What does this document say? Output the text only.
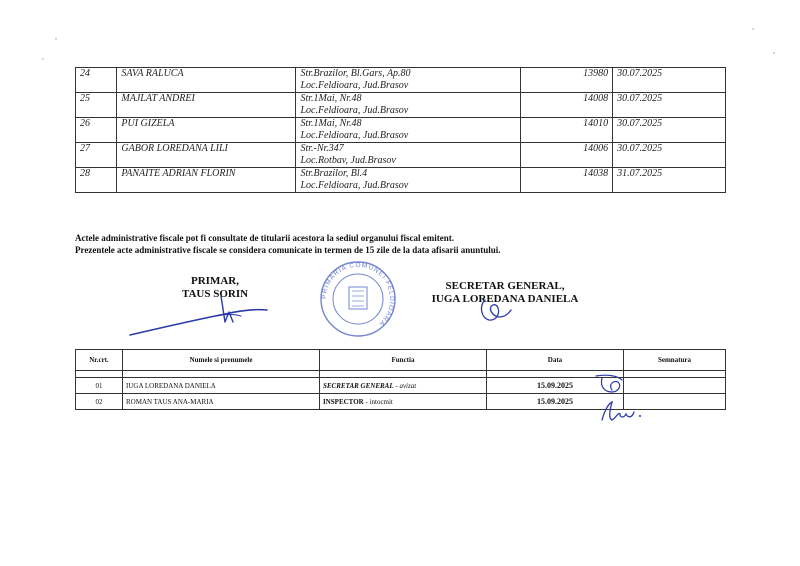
24	SAVA RALUCA	Str.Brazilor, Bl.Gars, Ap.80
Loc.Feldioara, Jud.Brasov	13980	30.07.2025
25	MAJLAT ANDREI	Str.1Mai, Nr.48
Loc.Feldioara, Jud.Brasov	14008	30.07.2025
26	PUI GIZELA	Str.1Mai, Nr.48
Loc.Feldioara, Jud.Brasov	14010	30.07.2025
27	GABOR LOREDANA LILI	Str.-Nr.347
Loc.Rotbav, Jud.Brasov	14006	30.07.2025
28	PANAITE ADRIAN FLORIN	Str.Brazilor, Bl.4
Loc.Feldioara, Jud.Brasov	14038	31.07.2025
Actele administrative fiscale pot fi consultate de titularii acestora la sediul organului fiscal emitent.
Prezentele acte administrative fiscale se considera comunicate in termen de 15 zile de la data afisarii anuntului.
PRIMAR,
TAUS SORIN	PRIMARIA COMUNEI FELDIOARA
SECRETAR GENERAL,
IUGA LOREDANA DANIELA
Nr.crt.	Numele si prenumele	Functia	Data	Semnatura

01	IUGA LOREDANA DANIELA	SECRETAR GENERAL - avizat	15.09.2025	
02	ROMAN TAUS ANA-MARIA	INSPECTOR - intocmit	15.09.2025	
